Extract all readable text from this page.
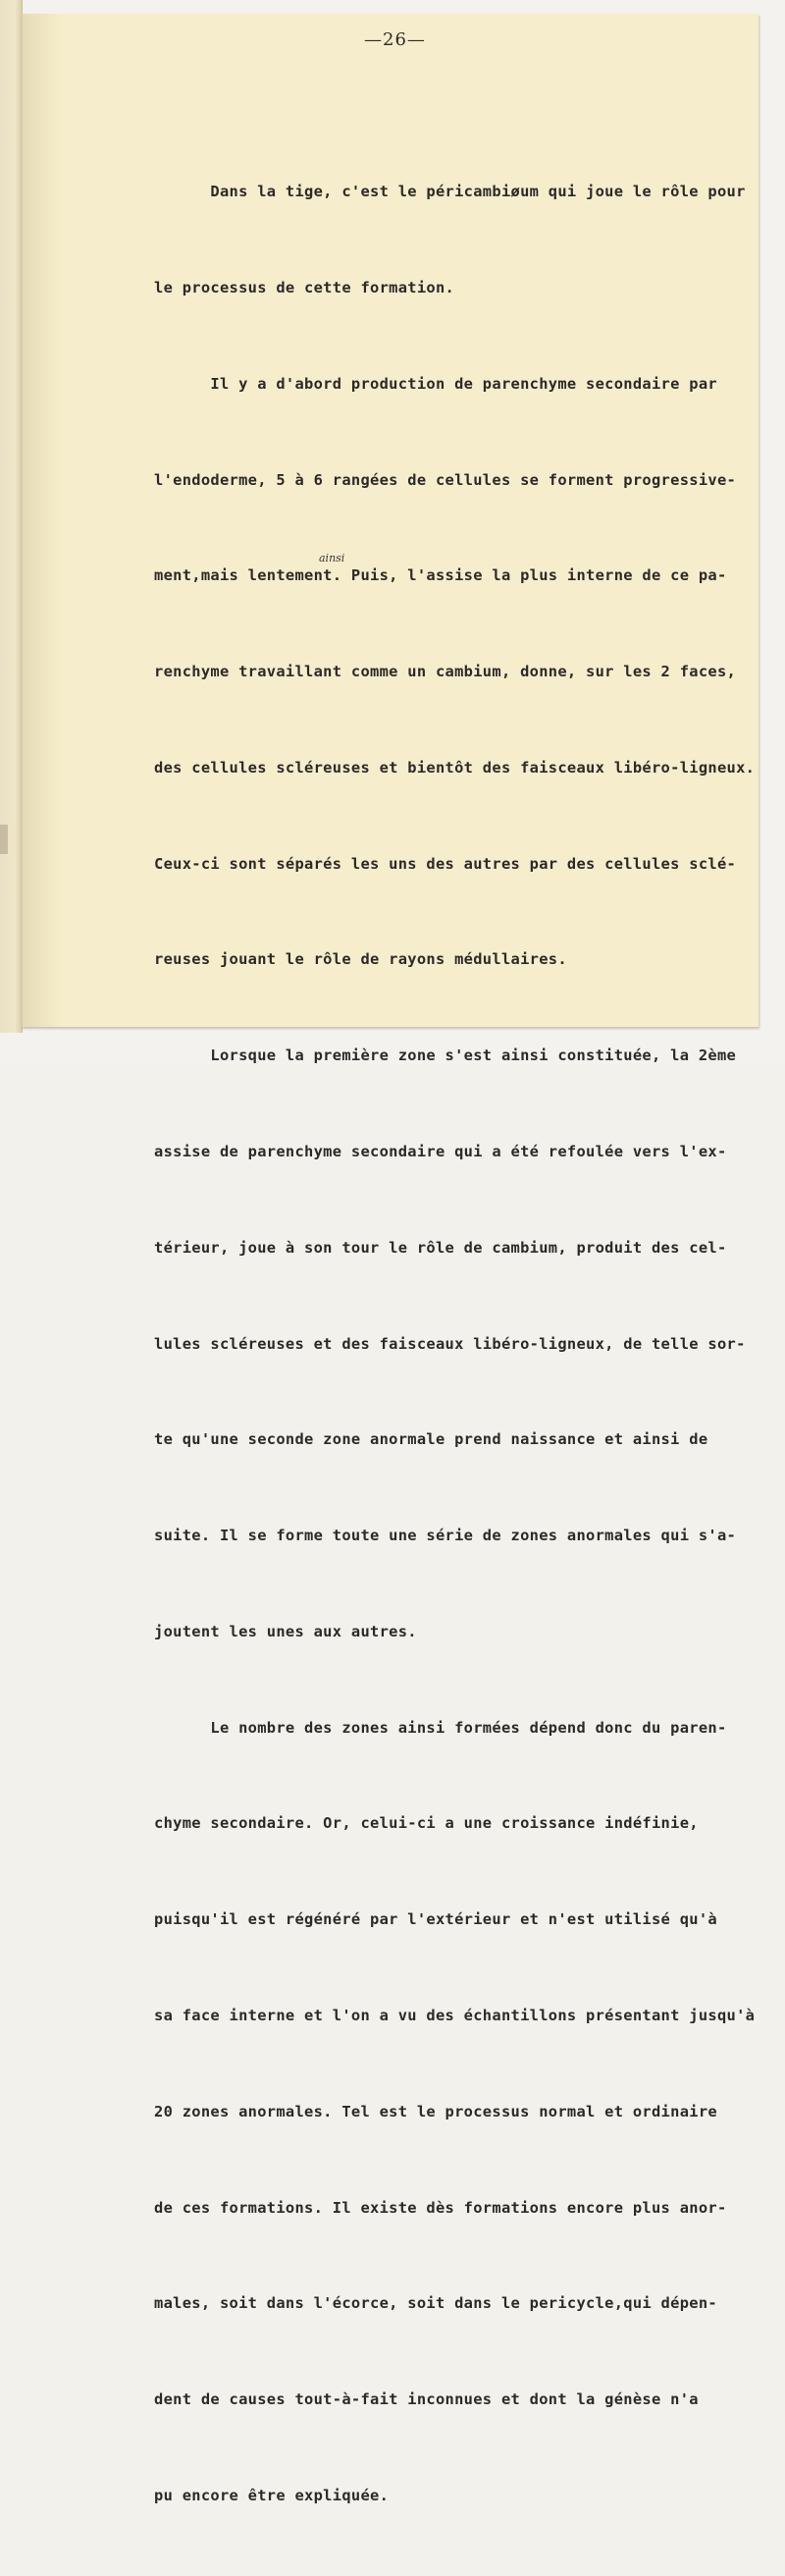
—26—
ainsi

Dans la tige, c'est le péricambiøum qui joue le rôle pour

le processus de cette formation.

Il y a d'abord production de parenchyme secondaire par

l'endoderme, 5 à 6 rangées de cellules se forment progressive-

ment,mais lentement. Puis, l'assise la plus interne de ce pa-

renchyme travaillant comme un cambium, donne, sur les 2 faces,

des cellules scléreuses et bientôt des faisceaux libéro-ligneux.

Ceux-ci sont séparés les uns des autres par des cellules sclé-

reuses jouant le rôle de rayons médullaires.

Lorsque la première zone s'est ainsi constituée, la 2ème

assise de parenchyme secondaire qui a été refoulée vers l'ex-

térieur, joue à son tour le rôle de cambium, produit des cel-

lules scléreuses et des faisceaux libéro-ligneux, de telle sor-

te qu'une seconde zone anormale prend naissance et ainsi de

suite. Il se forme toute une série de zones anormales qui s'a-

joutent les unes aux autres.

Le nombre des zones ainsi formées dépend donc du paren-

chyme secondaire. Or, celui-ci a une croissance indéfinie,

puisqu'il est régénéré par l'extérieur et n'est utilisé qu'à

sa face interne et l'on a vu des échantillons présentant jusqu'à

20 zones anormales. Tel est le processus normal et ordinaire

de ces formations. Il existe dès formations encore plus anor-

males, soit dans l'écorce, soit dans le pericycle,qui dépen-

dent de causes tout-à-fait inconnues et dont la génèse n'a

pu encore être expliquée.
